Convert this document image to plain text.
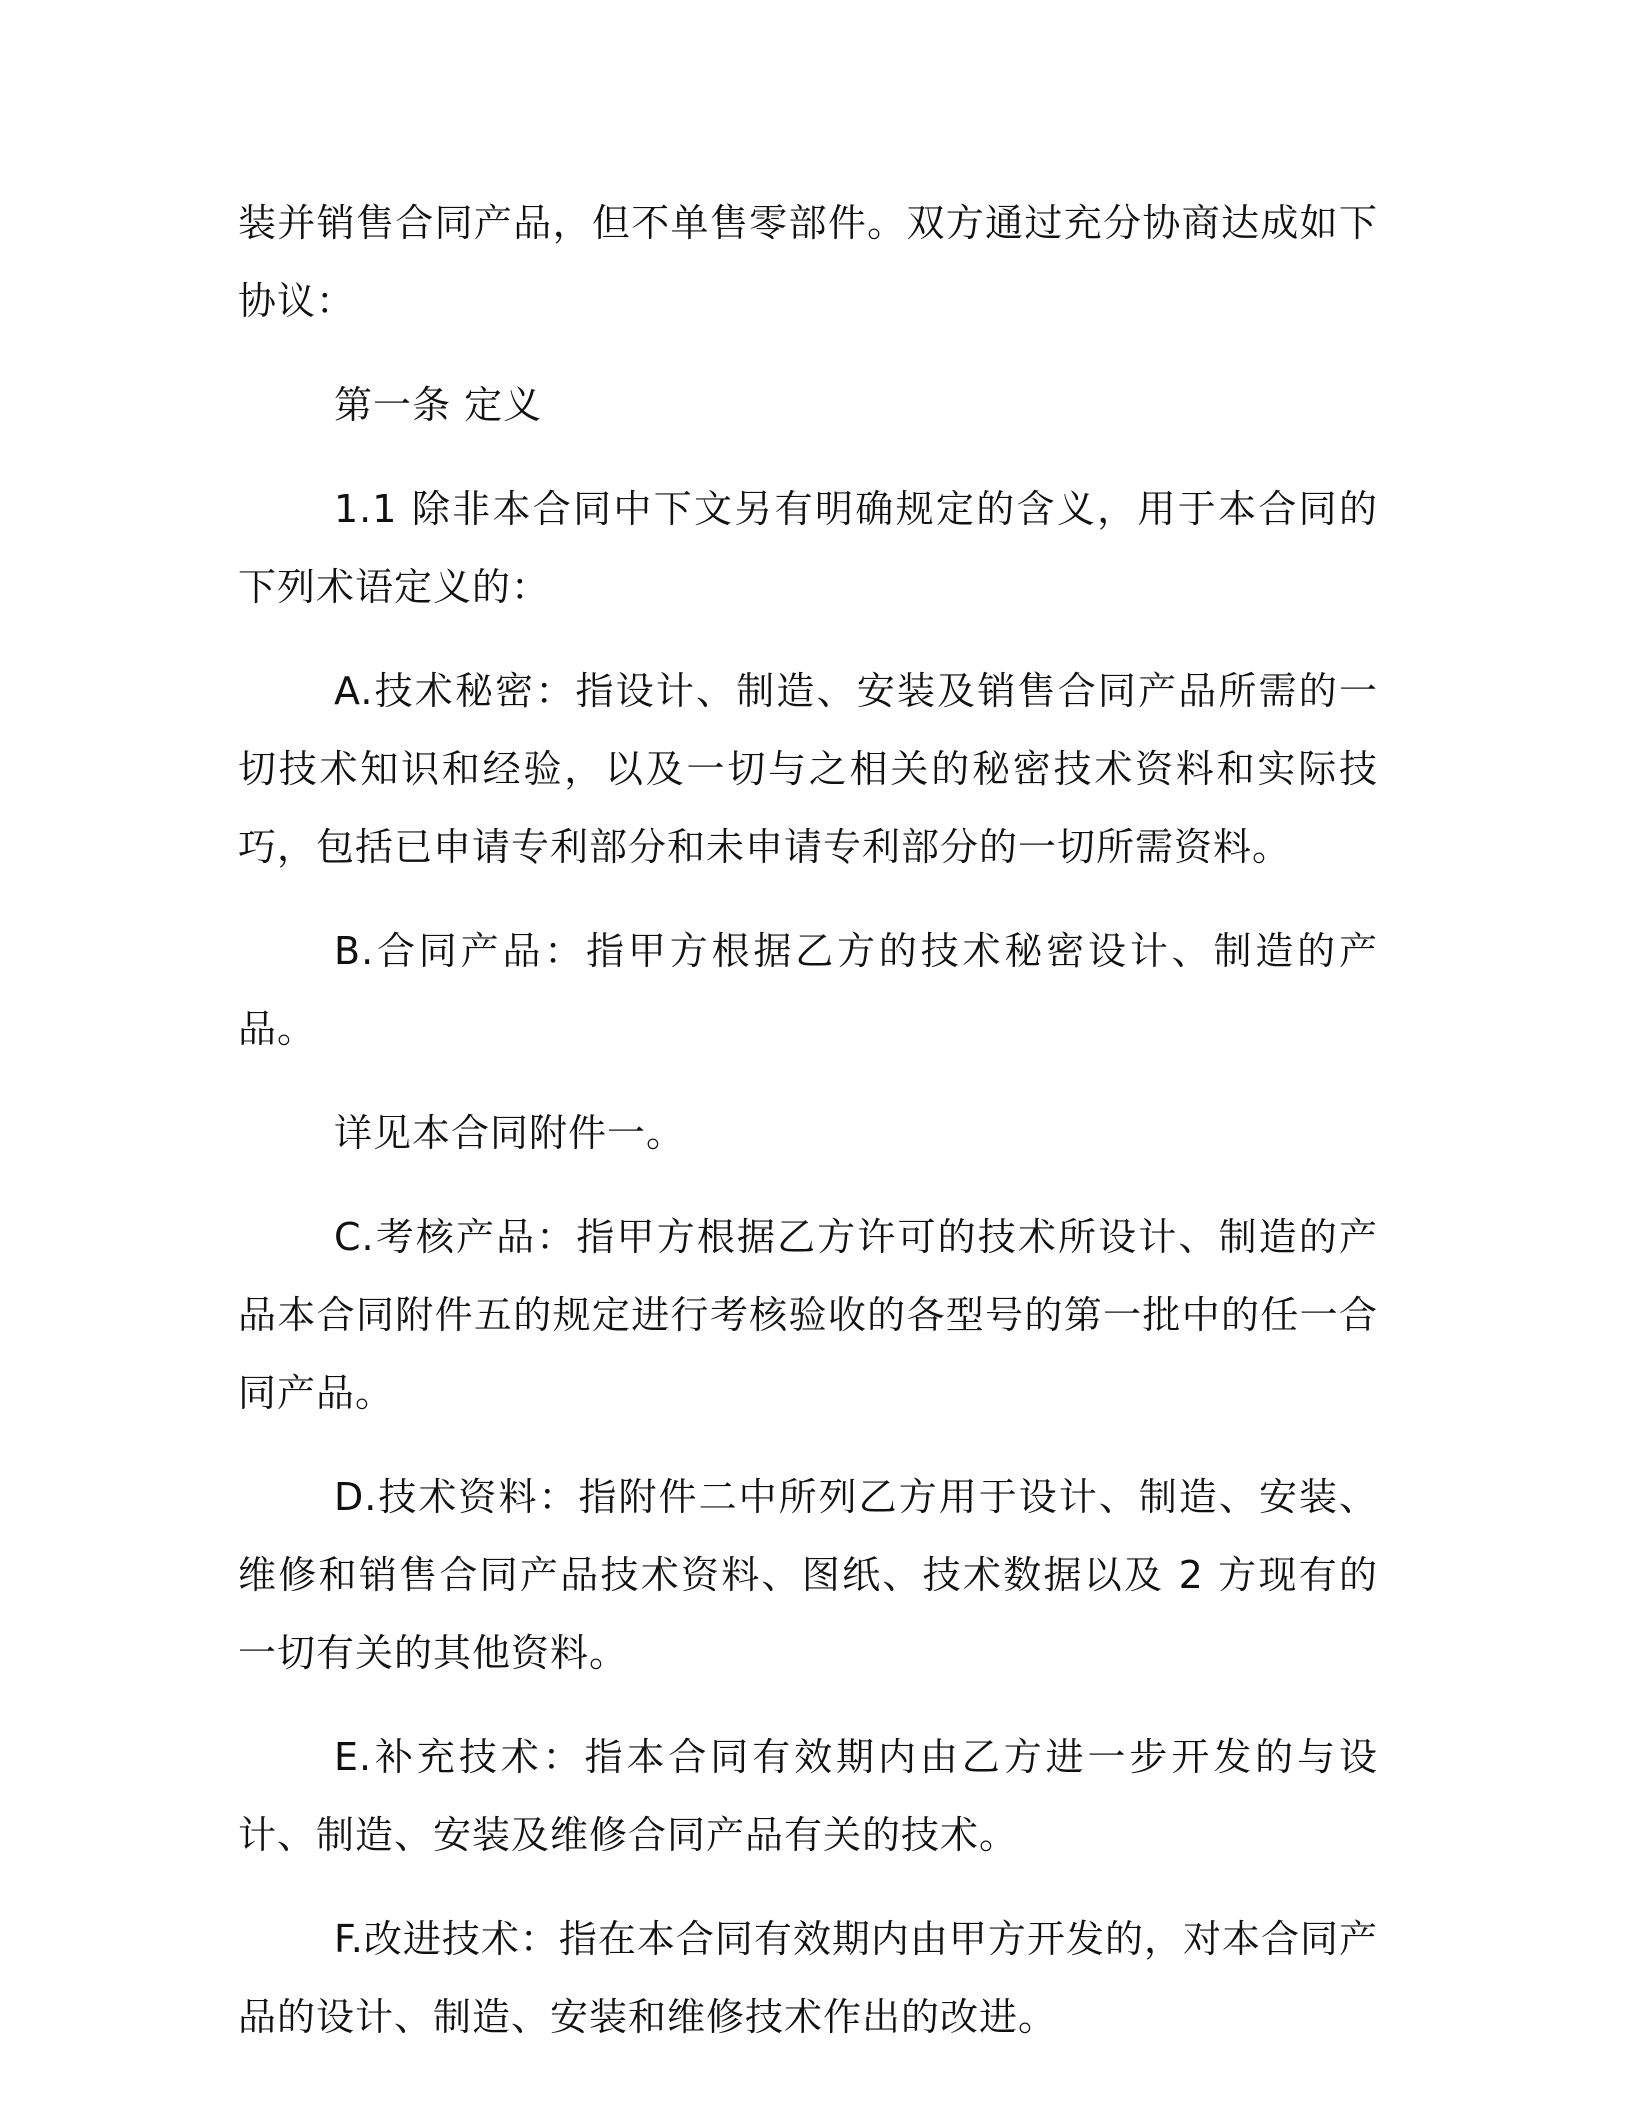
装并销售合同产品，但不单售零部件。双方通过充分协商达成如下协议：

第一条 定义

1.1 除非本合同中下文另有明确规定的含义，用于本合同的下列术语定义的：

A.技术秘密：指设计、制造、安装及销售合同产品所需的一切技术知识和经验，以及一切与之相关的秘密技术资料和实际技巧，包括已申请专利部分和未申请专利部分的一切所需资料。

B.合同产品：指甲方根据乙方的技术秘密设计、制造的产品。

详见本合同附件一。

C.考核产品：指甲方根据乙方许可的技术所设计、制造的产品本合同附件五的规定进行考核验收的各型号的第一批中的任一合同产品。

D.技术资料：指附件二中所列乙方用于设计、制造、安装、维修和销售合同产品技术资料、图纸、技术数据以及 2 方现有的一切有关的其他资料。

E.补充技术：指本合同有效期内由乙方进一步开发的与设计、制造、安装及维修合同产品有关的技术。

F.改进技术：指在本合同有效期内由甲方开发的，对本合同产品的设计、制造、安装和维修技术作出的改进。
